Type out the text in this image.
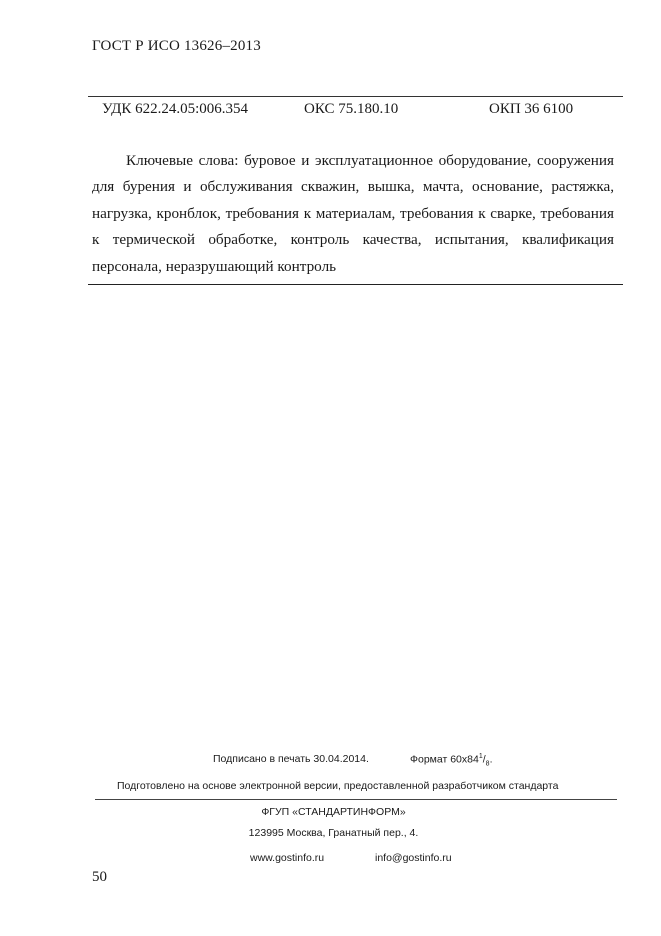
ГОСТ Р ИСО 13626–2013
УДК 622.24.05:006.354	ОКС 75.180.10	ОКП 36 6100
Ключевые слова: буровое и эксплуатационное оборудование, сооружения для бурения и обслуживания скважин, вышка, мачта, основание, растяжка, нагрузка, кронблок, требования к материалам, требования к сварке, требования к термической обработке, контроль качества, испытания, квалификация персонала, неразрушающий контроль
Подписано в печать 30.04.2014.	Формат $60х84^1/_8$.
Подготовлено на основе электронной версии, предоставленной разработчиком стандарта
ФГУП «СТАНДАРТИНФОРМ»
123995 Москва, Гранатный пер., 4.
www.gostinfo.ru	info@gostinfo.ru
50
